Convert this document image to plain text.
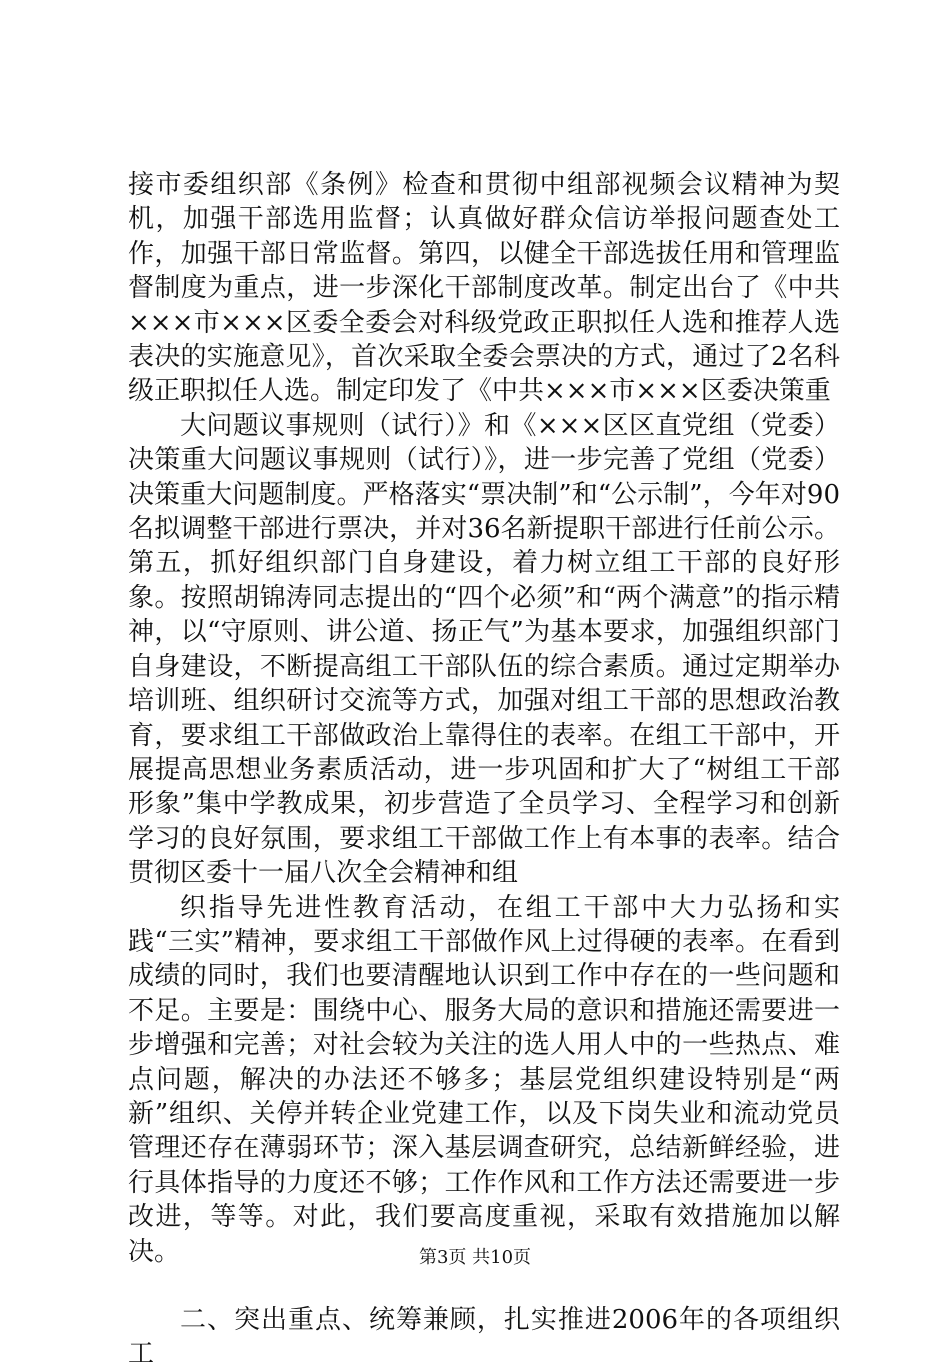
接市委组织部《条例》检查和贯彻中组部视频会议精神为契机，加强干部选用监督；认真做好群众信访举报问题查处工作，加强干部日常监督。第四，以健全干部选拔任用和管理监督制度为重点，进一步深化干部制度改革。制定出台了《中共×××市×××区委全委会对科级党政正职拟任人选和推荐人选表决的实施意见》，首次采取全委会票决的方式，通过了2名科级正职拟任人选。制定印发了《中共×××市×××区委决策重

大问题议事规则（试行）》和《×××区区直党组（党委）决策重大问题议事规则（试行）》，进一步完善了党组（党委）决策重大问题制度。严格落实“票决制”和“公示制”，今年对90名拟调整干部进行票决，并对36名新提职干部进行任前公示。第五，抓好组织部门自身建设，着力树立组工干部的良好形象。按照胡锦涛同志提出的“四个必须”和“两个满意”的指示精神，以“守原则、讲公道、扬正气”为基本要求，加强组织部门自身建设，不断提高组工干部队伍的综合素质。通过定期举办培训班、组织研讨交流等方式，加强对组工干部的思想政治教育，要求组工干部做政治上靠得住的表率。在组工干部中，开展提高思想业务素质活动，进一步巩固和扩大了“树组工干部形象”集中学教成果，初步营造了全员学习、全程学习和创新学习的良好氛围，要求组工干部做工作上有本事的表率。结合贯彻区委十一届八次全会精神和组

织指导先进性教育活动，在组工干部中大力弘扬和实践“三实”精神，要求组工干部做作风上过得硬的表率。在看到成绩的同时，我们也要清醒地认识到工作中存在的一些问题和不足。主要是：围绕中心、服务大局的意识和措施还需要进一步增强和完善；对社会较为关注的选人用人中的一些热点、难点问题，解决的办法还不够多；基层党组织建设特别是“两新”组织、关停并转企业党建工作，以及下岗失业和流动党员管理还存在薄弱环节；深入基层调查研究，总结新鲜经验，进行具体指导的力度还不够；工作作风和工作方法还需要进一步改进，等等。对此，我们要高度重视，采取有效措施加以解决。

二、突出重点、统筹兼顾，扎实推进2006年的各项组织工

第3页 共10页
